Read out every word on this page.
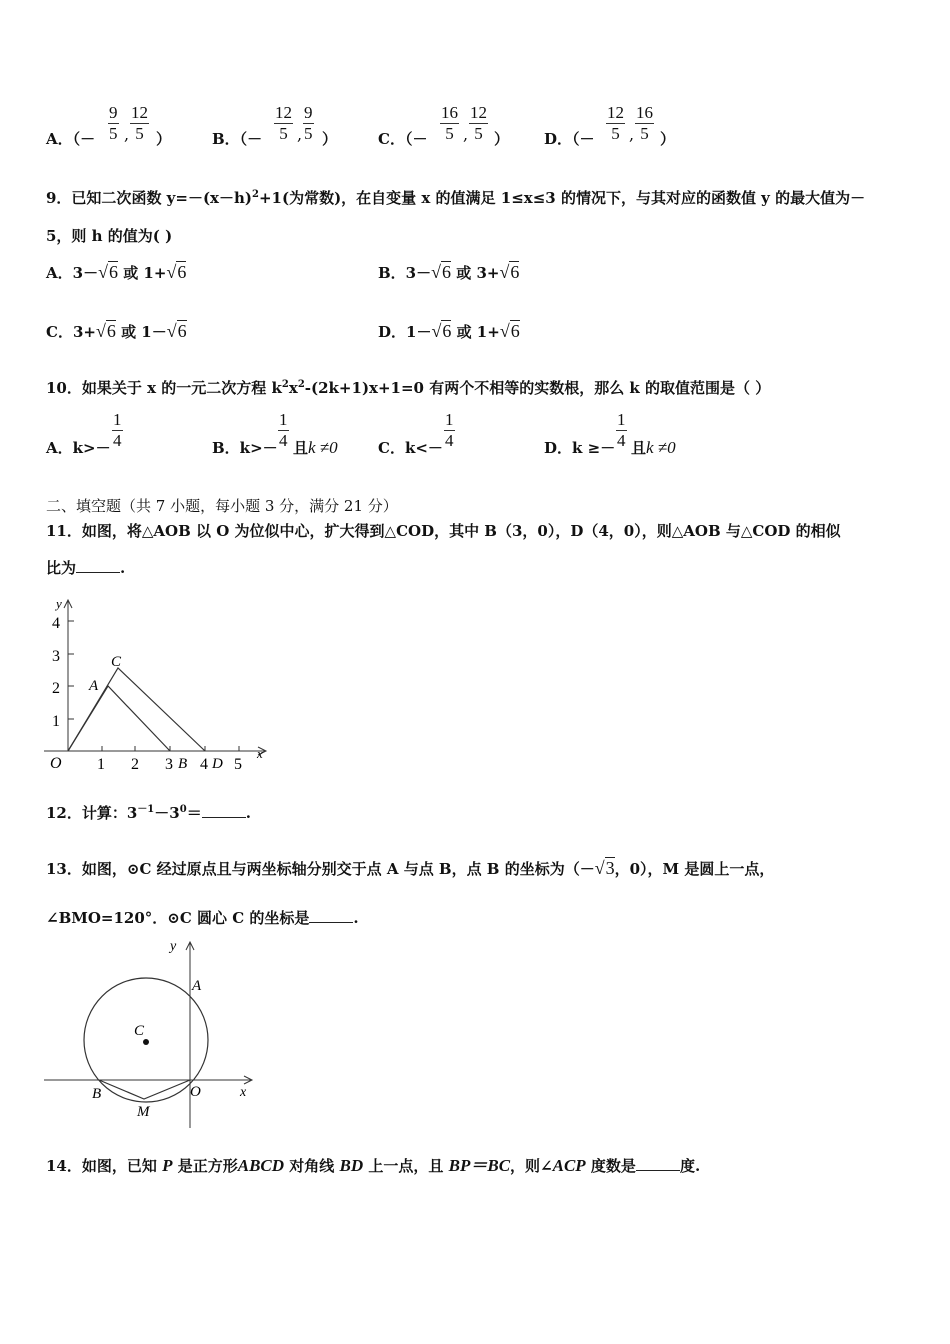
A．（－ $\frac{9}{5}$ , $\frac{12}{5}$ ）	B．（－ $\frac{12}{5}$ , $\frac{9}{5}$ ）	C．（－ $\frac{16}{5}$ , $\frac{12}{5}$ ） D．（－ $\frac{12}{5}$ , $\frac{16}{5}$ ）
9．已知二次函数 $y=-(x-h)^2+1$(为常数)，在自变量 x 的值满足 1≤x≤3 的情况下，与其对应的函数值 y 的最大值为－
5，则 h 的值为( )
A．3－√6 或 1+√6	B．3－√6 或 3+√6
C．3+√6 或 1－√6	D．1－√6 或 1+√6
10．如果关于 x 的一元二次方程 $k^2x^2-(2k+1)x+1=0$ 有两个不相等的实数根，那么 k 的取值范围是（ ）
A．$k>- \frac{1}{4}$	B．$k>- \frac{1}{4}$ 且k ≠0	C．$k<- \frac{1}{4}$	D．$k \ge- \frac{1}{4}$ 且k ≠0
二、填空题（共 7 小题，每小题 3 分，满分 21 分）
11．如图，将△AOB 以 O 为位似中心，扩大得到△COD，其中 B（3，0），D（4，0），则△AOB 与△COD 的相似
比为	.
y
x
4
3
2
1
O 1 2 3 4 5
B D
A
C
12．计算：$3^{-1}-3^0=$	.
13．如图，⊙C 经过原点且与两坐标轴分别交于点 A 与点 B，点 B 的坐标为（－√3，0），M 是圆上一点，
∠BMO=120°．⊙C 圆心 C 的坐标是	.
y
x
A
C
B	O
M
14．如图，已知 P 是正方形ABCD 对角线 BD 上一点，且 BP＝BC，则∠ACP 度数是	度.
